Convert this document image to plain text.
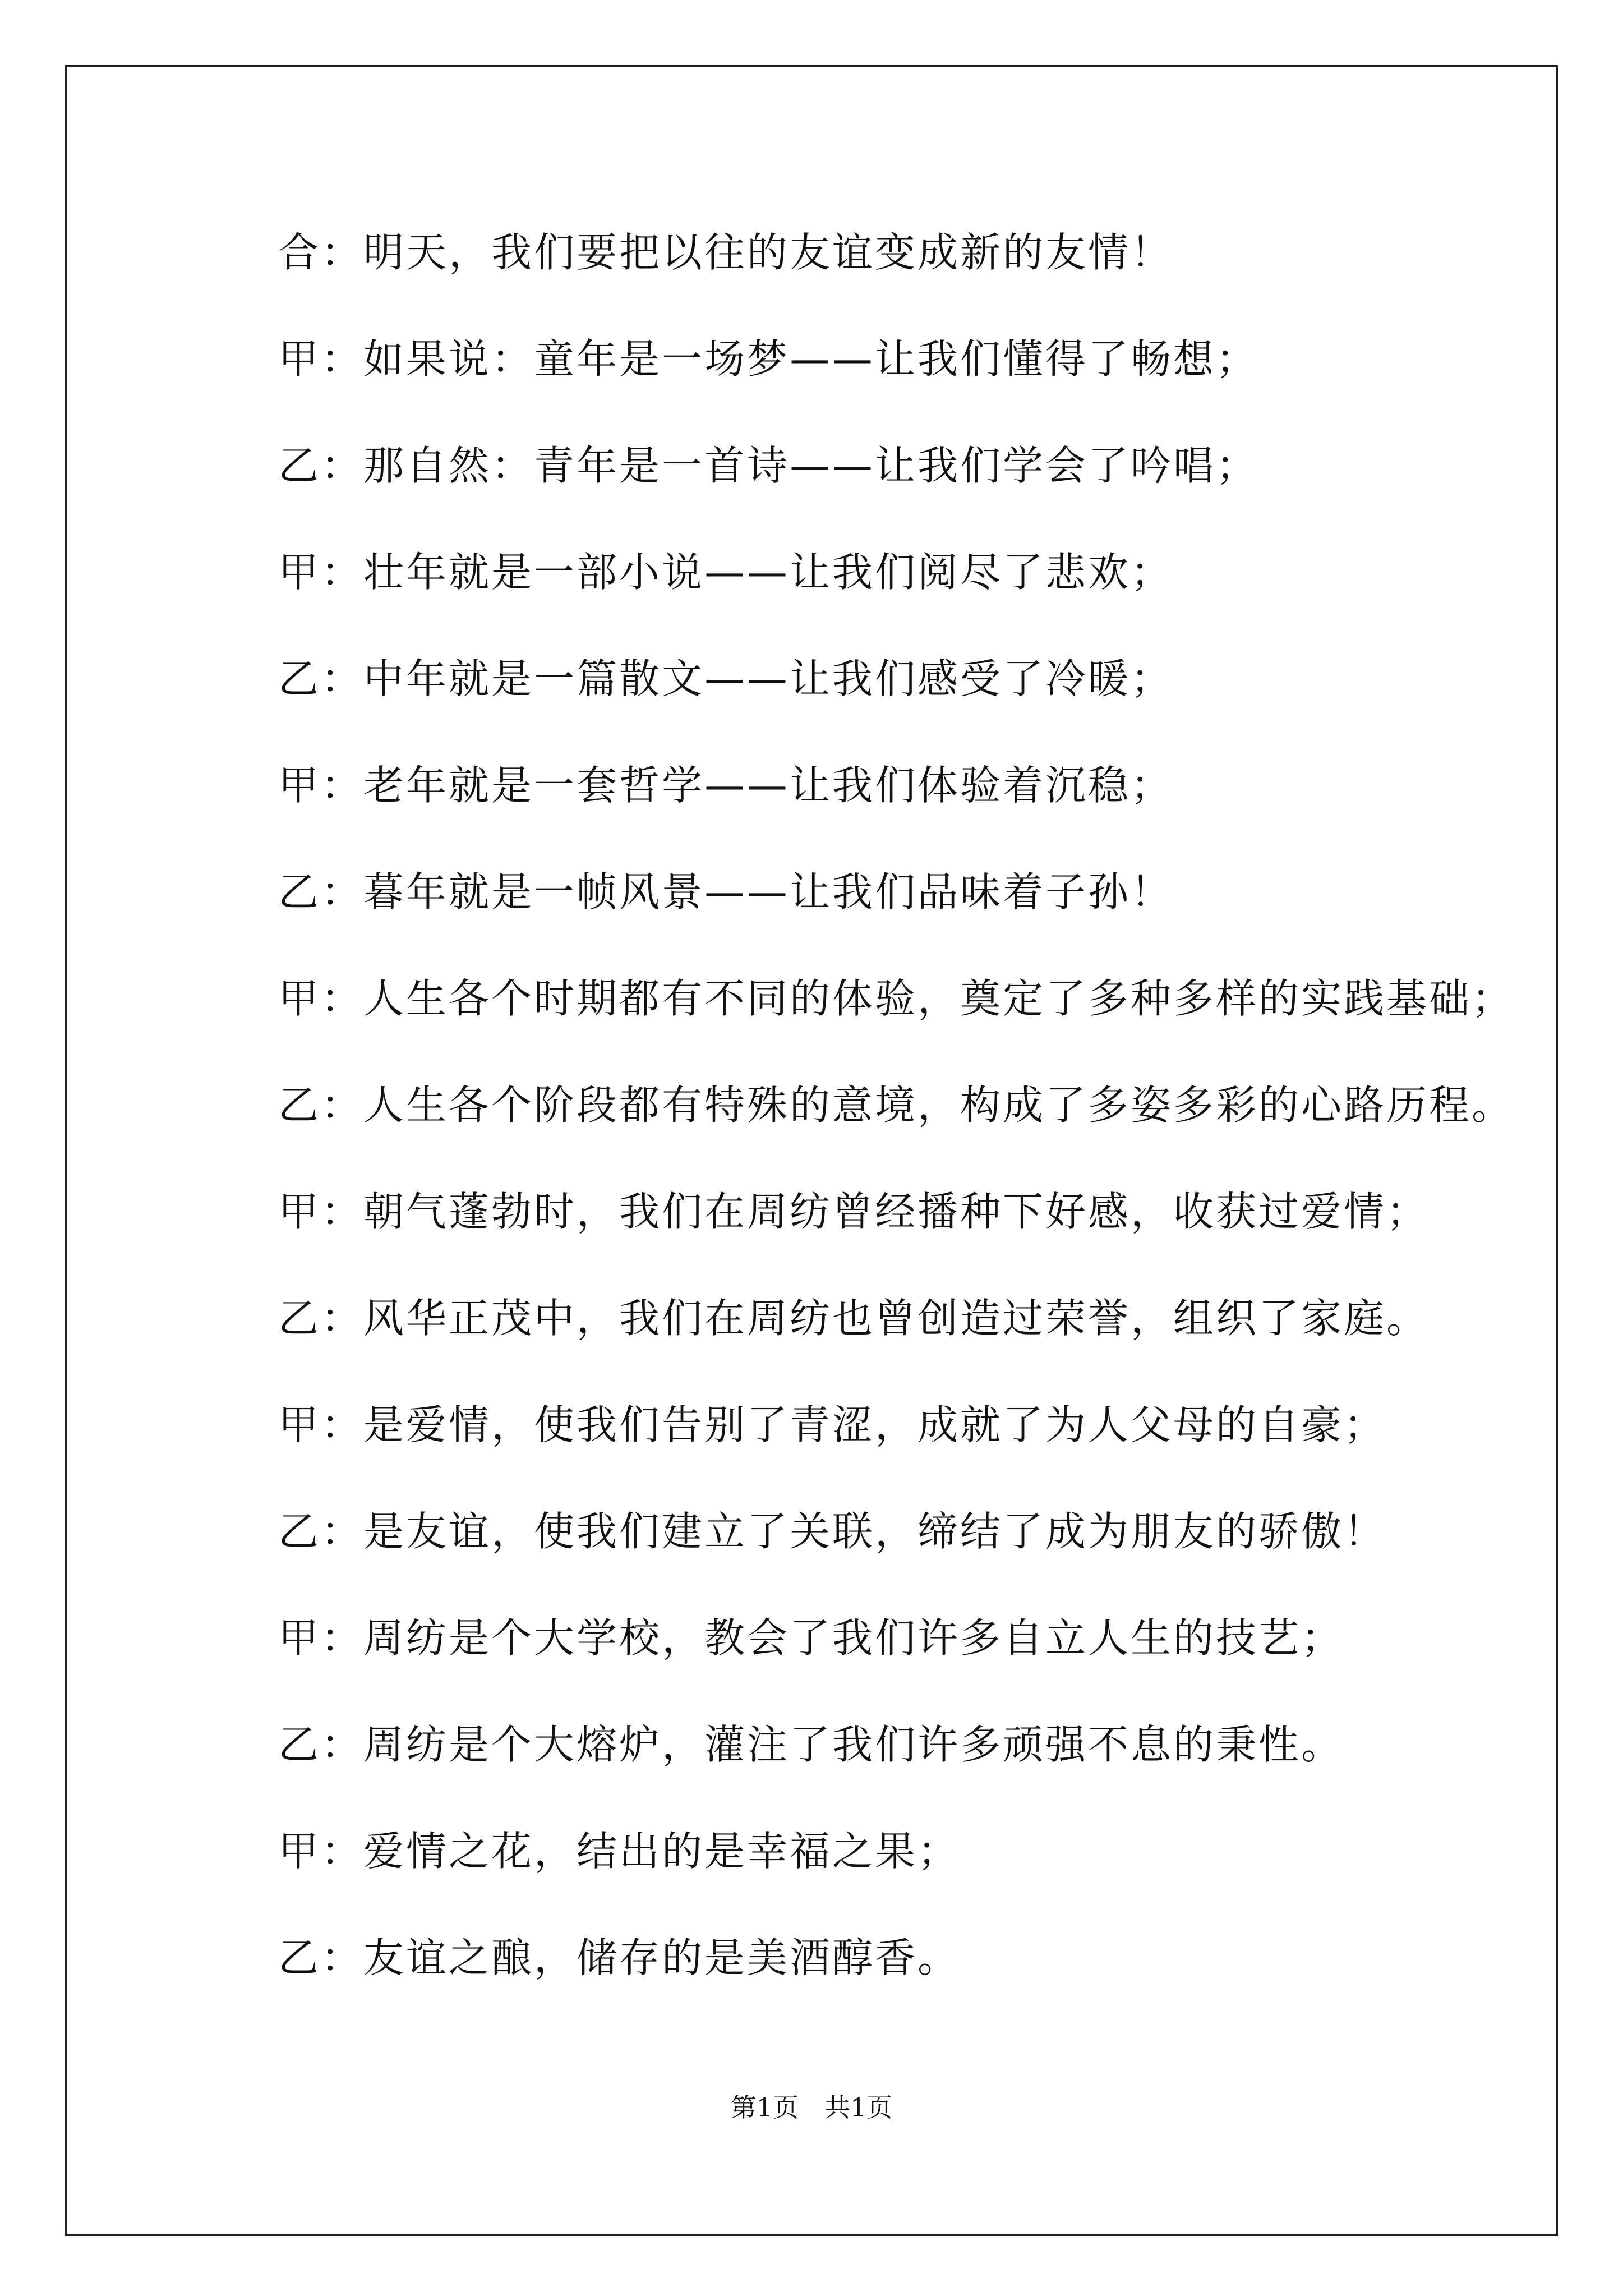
合：明天，我们要把以往的友谊变成新的友情！
甲：如果说：童年是一场梦——让我们懂得了畅想；
乙：那自然：青年是一首诗——让我们学会了吟唱；
甲：壮年就是一部小说——让我们阅尽了悲欢；
乙：中年就是一篇散文——让我们感受了冷暖；
甲：老年就是一套哲学——让我们体验着沉稳；
乙：暮年就是一帧风景——让我们品味着子孙！
甲：人生各个时期都有不同的体验，奠定了多种多样的实践基础；
乙：人生各个阶段都有特殊的意境，构成了多姿多彩的心路历程。
甲：朝气蓬勃时，我们在周纺曾经播种下好感，收获过爱情；
乙：风华正茂中，我们在周纺也曾创造过荣誉，组织了家庭。
甲：是爱情，使我们告别了青涩，成就了为人父母的自豪；
乙：是友谊，使我们建立了关联，缔结了成为朋友的骄傲！
甲：周纺是个大学校，教会了我们许多自立人生的技艺；
乙：周纺是个大熔炉，灌注了我们许多顽强不息的秉性。
甲：爱情之花，结出的是幸福之果；
乙：友谊之酿，储存的是美酒醇香。
第1页 共1页
